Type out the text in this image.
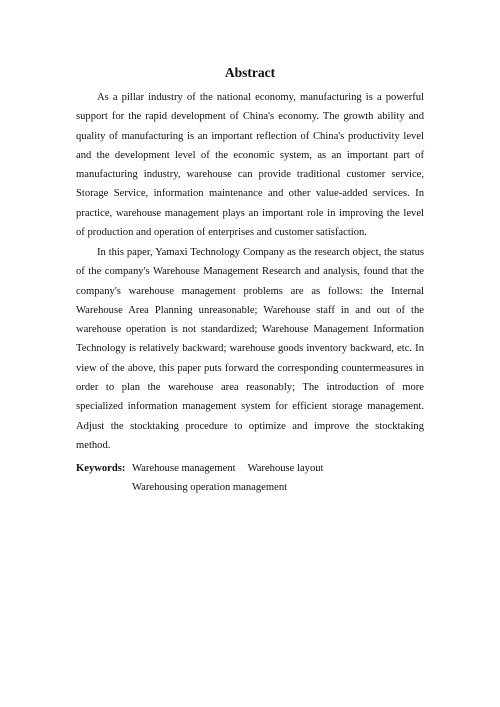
Abstract

As a pillar industry of the national economy, manufacturing is a powerful support for the rapid development of China's economy. The growth ability and quality of manufacturing is an important reflection of China's productivity level and the development level of the economic system, as an important part of manufacturing industry, warehouse can provide traditional customer service, Storage Service, information maintenance and other value-added services. In practice, warehouse management plays an important role in improving the level of production and operation of enterprises and customer satisfaction.

In this paper, Yamaxi Technology Company as the research object, the status of the company's Warehouse Management Research and analysis, found that the company's warehouse management problems are as follows: the Internal Warehouse Area Planning unreasonable; Warehouse staff in and out of the warehouse operation is not standardized; Warehouse Management Information Technology is relatively backward; warehouse goods inventory backward, etc. In view of the above, this paper puts forward the corresponding countermeasures in order to plan the warehouse area reasonably; The introduction of more specialized information management system for efficient storage management. Adjust the stocktaking procedure to optimize and improve the stocktaking method.

Keywords: Warehouse management Warehouse layout
Warehousing operation management
